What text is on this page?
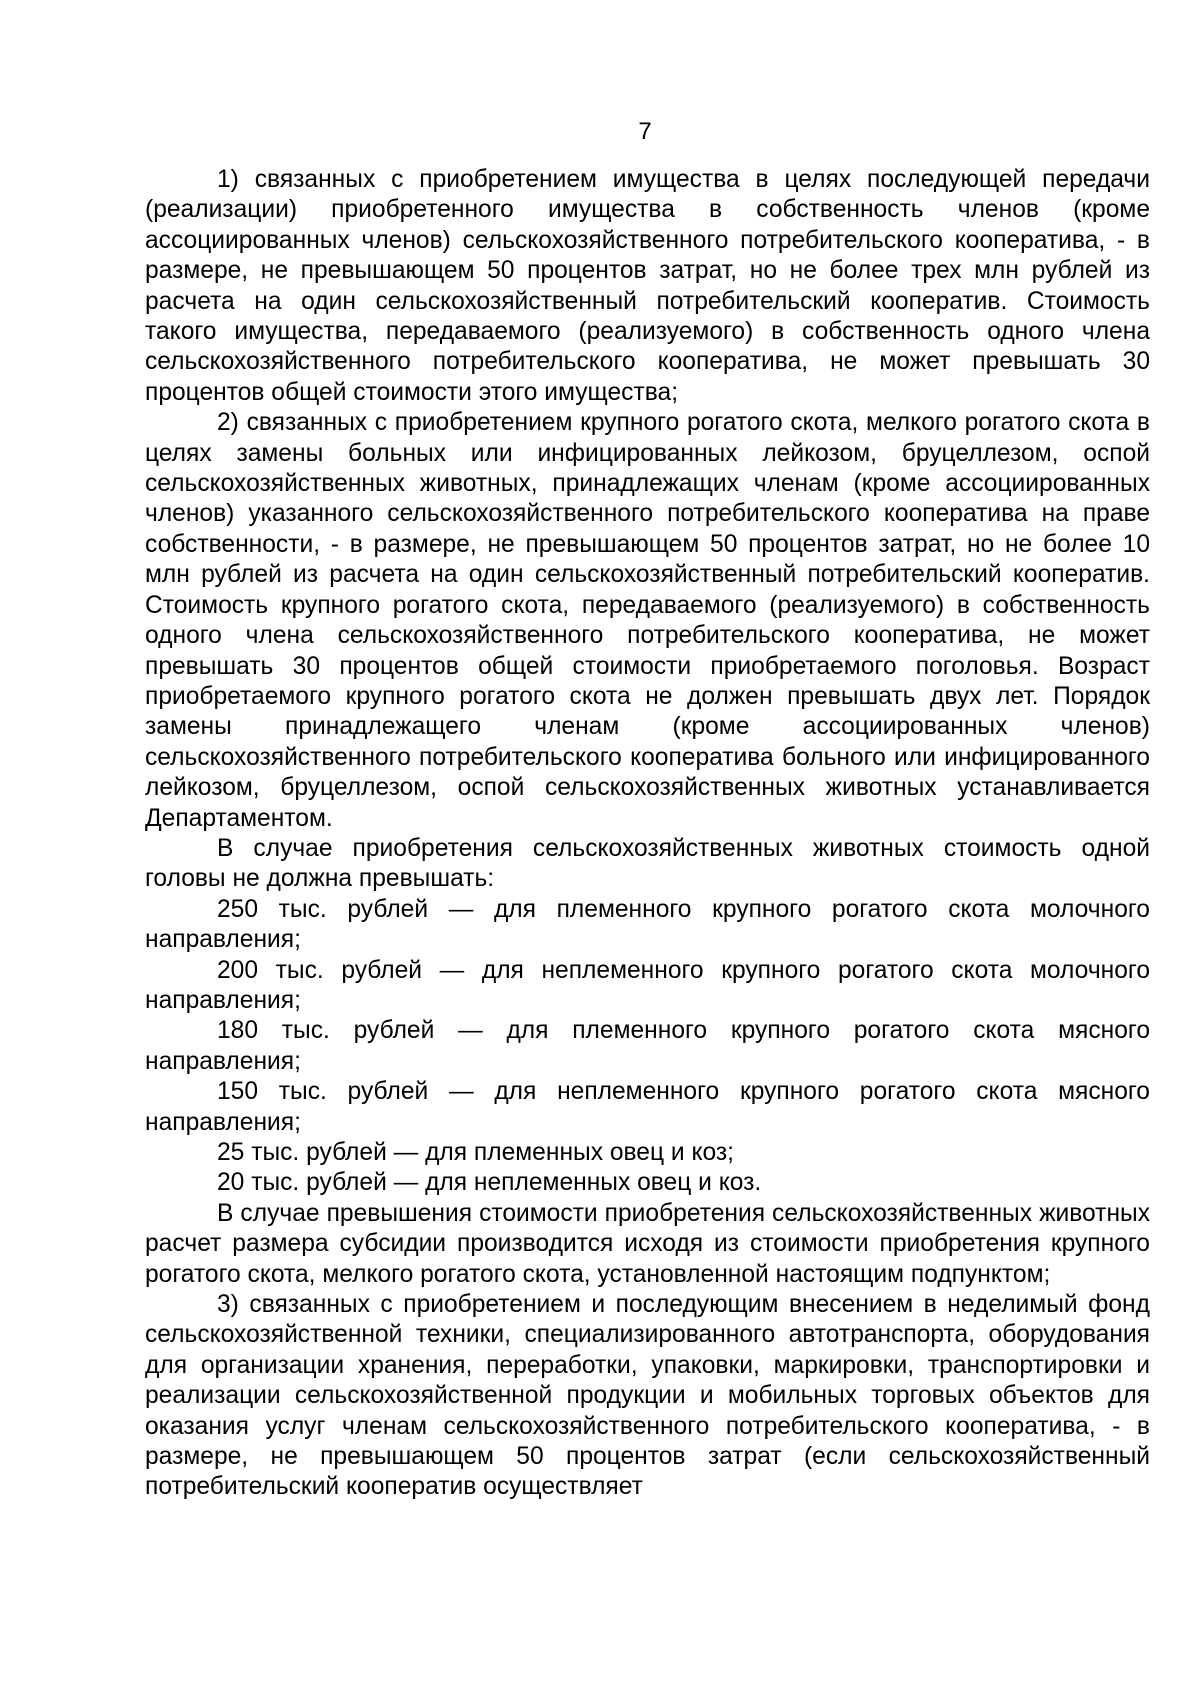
7

1) связанных с приобретением имущества в целях последующей передачи (реализации) приобретенного имущества в собственность членов (кроме ассоциированных членов) сельскохозяйственного потребительского кооператива, - в размере, не превышающем 50 процентов затрат, но не более трех млн рублей из расчета на один сельскохозяйственный потребительский кооператив. Стоимость такого имущества, передаваемого (реализуемого) в собственность одного члена сельскохозяйственного потребительского кооператива, не может превышать 30 процентов общей стоимости этого имущества;

2) связанных с приобретением крупного рогатого скота, мелкого рогатого скота в целях замены больных или инфицированных лейкозом, бруцеллезом, оспой сельскохозяйственных животных, принадлежащих членам (кроме ассоциированных членов) указанного сельскохозяйственного потребительского кооператива на праве собственности, - в размере, не превышающем 50 процентов затрат, но не более 10 млн рублей из расчета на один сельскохозяйственный потребительский кооператив. Стоимость крупного рогатого скота, передаваемого (реализуемого) в собственность одного члена сельскохозяйственного потребительского кооператива, не может превышать 30 процентов общей стоимости приобретаемого поголовья. Возраст приобретаемого крупного рогатого скота не должен превышать двух лет. Порядок замены принадлежащего членам (кроме ассоциированных членов) сельскохозяйственного потребительского кооператива больного или инфицированного лейкозом, бруцеллезом, оспой сельскохозяйственных животных устанавливается Департаментом.

В случае приобретения сельскохозяйственных животных стоимость одной головы не должна превышать:

250 тыс. рублей — для племенного крупного рогатого скота молочного направления;

200 тыс. рублей — для неплеменного крупного рогатого скота молочного направления;

180 тыс. рублей — для племенного крупного рогатого скота мясного направления;

150 тыс. рублей — для неплеменного крупного рогатого скота мясного направления;

25 тыс. рублей — для племенных овец и коз;

20 тыс. рублей — для неплеменных овец и коз.

В случае превышения стоимости приобретения сельскохозяйственных животных расчет размера субсидии производится исходя из стоимости приобретения крупного рогатого скота, мелкого рогатого скота, установленной настоящим подпунктом;

3) связанных с приобретением и последующим внесением в неделимый фонд сельскохозяйственной техники, специализированного автотранспорта, оборудования для организации хранения, переработки, упаковки, маркировки, транспортировки и реализации сельскохозяйственной продукции и мобильных торговых объектов для оказания услуг членам сельскохозяйственного потребительского кооператива, - в размере, не превышающем 50 процентов затрат (если сельскохозяйственный потребительский кооператив осуществляет
